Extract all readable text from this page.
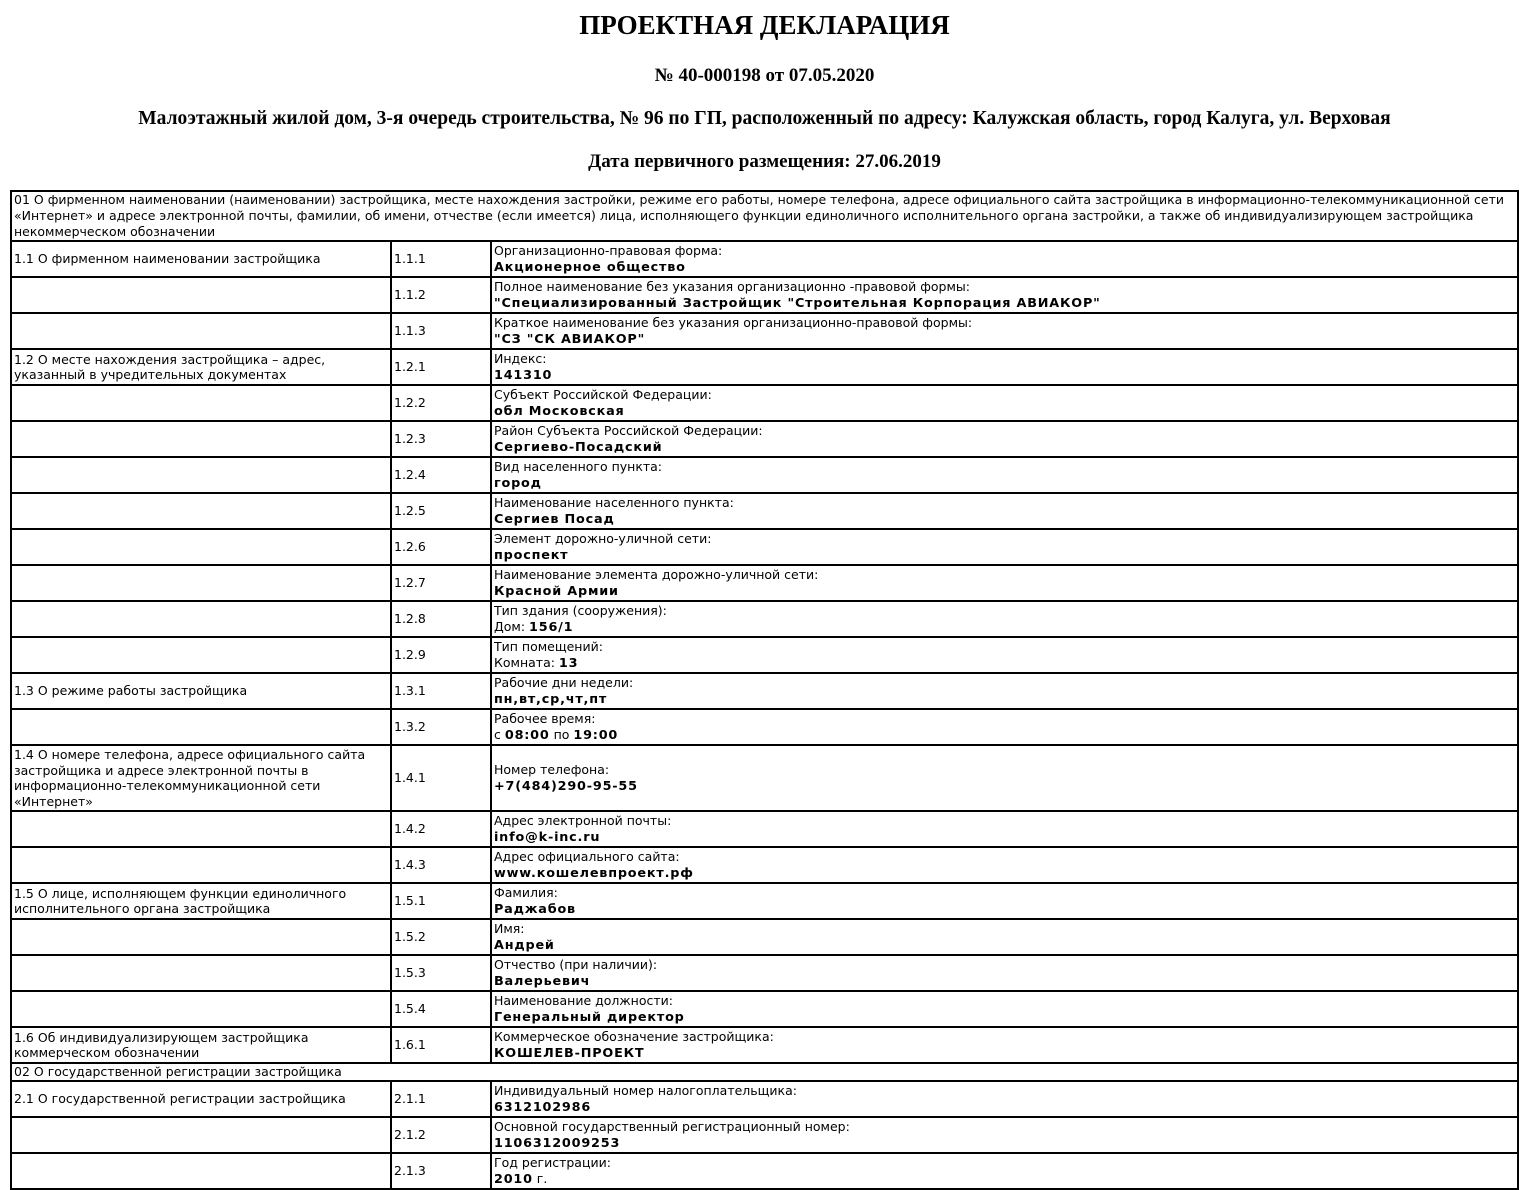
ПРОЕКТНАЯ ДЕКЛАРАЦИЯ
№ 40-000198 от 07.05.2020
Малоэтажный жилой дом, 3-я очередь строительства, № 96 по ГП, расположенный по адресу: Калужская область, город Калуга, ул. Верховая
Дата первичного размещения: 27.06.2019
01 О фирменном наименовании (наименовании) застройщика, месте нахождения застройки, режиме его работы, номере телефона, адресе официального сайта застройщика в информационно-телекоммуникационной сети «Интернет» и адресе электронной почты, фамилии, об имени, отчестве (если имеется) лица, исполняющего функции единоличного исполнительного органа застройки, а также об индивидуализирующем застройщика некоммерческом обозначении		
1.1 О фирменном наименовании застройщика	1.1.1	Организационно-правовая форма:
Акционерное общество

	1.1.2	Полное наименование без указания организационно -правовой формы:
"Специализированный Застройщик "Строительная Корпорация АВИАКОР"

	1.1.3	Краткое наименование без указания организационно-правовой формы:
"СЗ "СК АВИАКОР"

1.2 О месте нахождения застройщика – адрес, указанный в учредительных документах	1.2.1	Индекс:
141310

	1.2.2	Субъект Российской Федерации:
обл Московская

	1.2.3	Район Субъекта Российской Федерации:
Сергиево-Посадский

	1.2.4	Вид населенного пункта:
город

	1.2.5	Наименование населенного пункта:
Сергиев Посад

	1.2.6	Элемент дорожно-уличной сети:
проспект

	1.2.7	Наименование элемента дорожно-уличной сети:
Красной Армии

	1.2.8	Тип здания (сооружения):
Дом: 156/1

	1.2.9	Тип помещений:
Комната: 13

1.3 О режиме работы застройщика	1.3.1	Рабочие дни недели:
пн,вт,ср,чт,пт

	1.3.2	Рабочее время:
с 08:00 по 19:00

1.4 О номере телефона, адресе официального сайта застройщика и адресе электронной почты в информационно-телекоммуникационной сети «Интернет»	1.4.1	Номер телефона:
+7(484)290-95-55

	1.4.2	Адрес электронной почты:
info@k-inc.ru

	1.4.3	Адрес официального сайта:
www.кошелевпроект.рф

1.5 О лице, исполняющем функции единоличного исполнительного органа застройщика	1.5.1	Фамилия:
Раджабов

	1.5.2	Имя:
Андрей

	1.5.3	Отчество (при наличии):
Валерьевич

	1.5.4	Наименование должности:
Генеральный директор

1.6 Об индивидуализирующем застройщика коммерческом обозначении	1.6.1	Коммерческое обозначение застройщика:
КОШЕЛЕВ-ПРОЕКТ

02 О государственной регистрации застройщика		
2.1 О государственной регистрации застройщика	2.1.1	Индивидуальный номер налогоплательщика:
6312102986

	2.1.2	Основной государственный регистрационный номер:
1106312009253

	2.1.3	Год регистрации:
2010 г.
